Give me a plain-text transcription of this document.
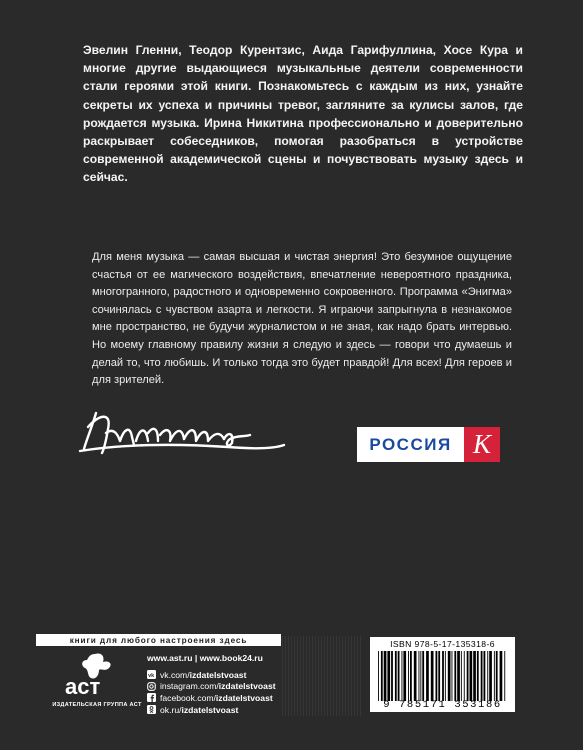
Эвелин Гленни, Теодор Курентзис, Аида Гарифуллина, Хосе Кура и многие другие выдающиеся музыкальные деятели современности стали героями этой книги. Познакомьтесь с каждым из них, узнайте секреты их успеха и причины тревог, загляните за кулисы залов, где рождается музыка. Ирина Никитина профессионально и доверительно раскрывает собеседников, помогая разобраться в устройстве современной академической сцены и почувствовать музыку здесь и сейчас.
Для меня музыка — самая высшая и чистая энергия! Это безумное ощущение счастья от ее магического воздействия, впечатление невероятного праздника, многогранного, радостного и одновременно сокровенного. Программа «Энигма» сочинялась с чувством азарта и легкости. Я играючи запрыгнула в незнакомое мне пространство, не будучи журналистом и не зная, как надо брать интервью. Но моему главному правилу жизни я следую и здесь — говори что думаешь и делай то, что любишь. И только тогда это будет правдой! Для всех! Для героев и для зрителей.
РОССИЯ К
книги для любого настроения здесь
аст
ИЗДАТЕЛЬСКАЯ ГРУППА АСТ
www.ast.ru | www.book24.ru
vk vk.com/ izdatelstvoast
instagram.com/ izdatelstvoast
facebook.com/ izdatelstvoast
ok.ru/ izdatelstvoast
ISBN 978-5-17-135318-6
9 785171 353186
